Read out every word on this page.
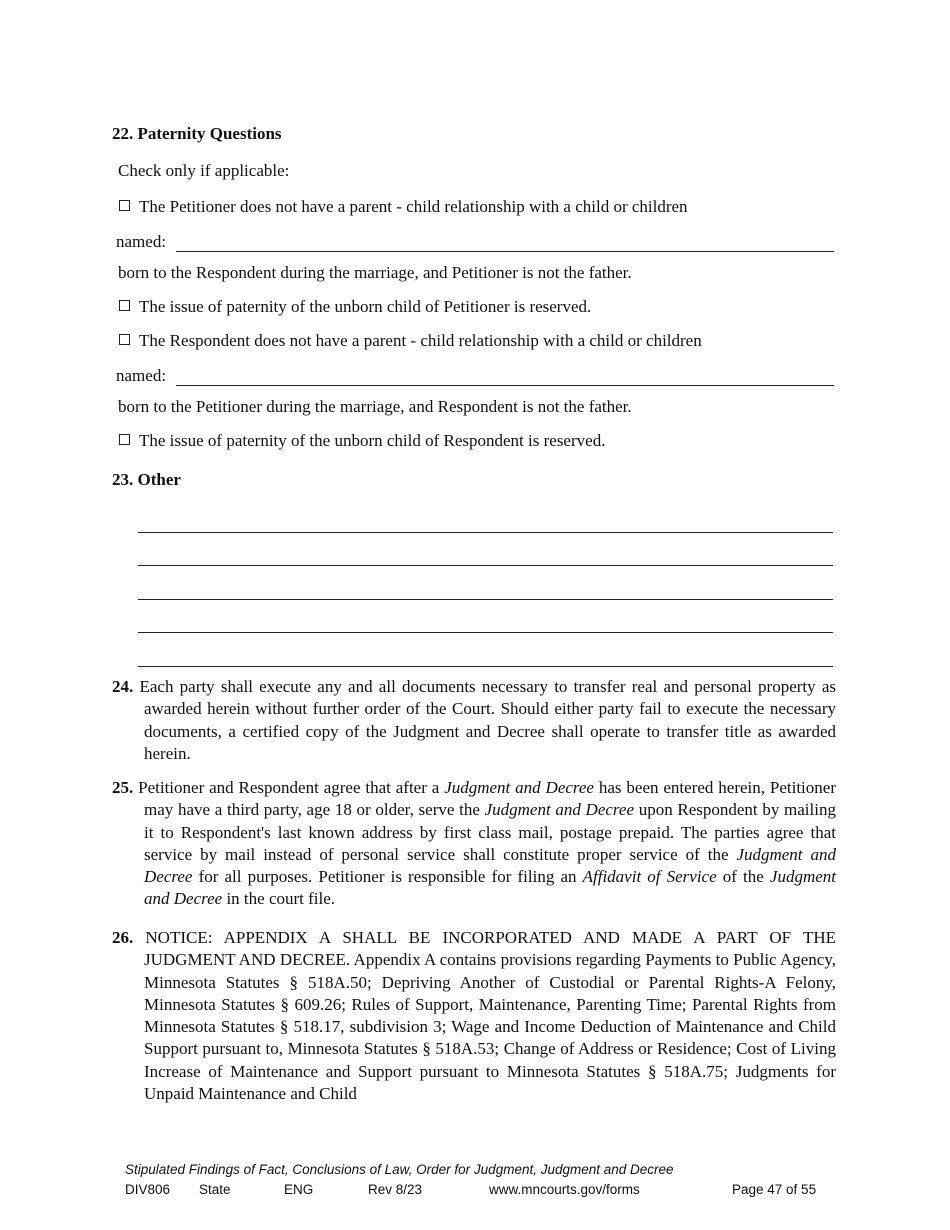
22. Paternity Questions
Check only if applicable:
The Petitioner does not have a parent - child relationship with a child or children
named:
born to the Respondent during the marriage, and Petitioner is not the father.
The issue of paternity of the unborn child of Petitioner is reserved.
The Respondent does not have a parent - child relationship with a child or children
named:
born to the Petitioner during the marriage, and Respondent is not the father.
The issue of paternity of the unborn child of Respondent is reserved.
23. Other
24. Each party shall execute any and all documents necessary to transfer real and personal property as awarded herein without further order of the Court. Should either party fail to execute the necessary documents, a certified copy of the Judgment and Decree shall operate to transfer title as awarded herein.
25. Petitioner and Respondent agree that after a Judgment and Decree has been entered herein, Petitioner may have a third party, age 18 or older, serve the Judgment and Decree upon Respondent by mailing it to Respondent's last known address by first class mail, postage prepaid. The parties agree that service by mail instead of personal service shall constitute proper service of the Judgment and Decree for all purposes. Petitioner is responsible for filing an Affidavit of Service of the Judgment and Decree in the court file.
26. NOTICE: APPENDIX A SHALL BE INCORPORATED AND MADE A PART OF THE JUDGMENT AND DECREE. Appendix A contains provisions regarding Payments to Public Agency, Minnesota Statutes § 518A.50; Depriving Another of Custodial or Parental Rights-A Felony, Minnesota Statutes § 609.26; Rules of Support, Maintenance, Parenting Time; Parental Rights from Minnesota Statutes § 518.17, subdivision 3; Wage and Income Deduction of Maintenance and Child Support pursuant to, Minnesota Statutes § 518A.53; Change of Address or Residence; Cost of Living Increase of Maintenance and Support pursuant to Minnesota Statutes § 518A.75; Judgments for Unpaid Maintenance and Child
Stipulated Findings of Fact, Conclusions of Law, Order for Judgment, Judgment and Decree
DIV806 State	ENG	Rev 8/23	www.mncourts.gov/forms	Page 47 of 55
